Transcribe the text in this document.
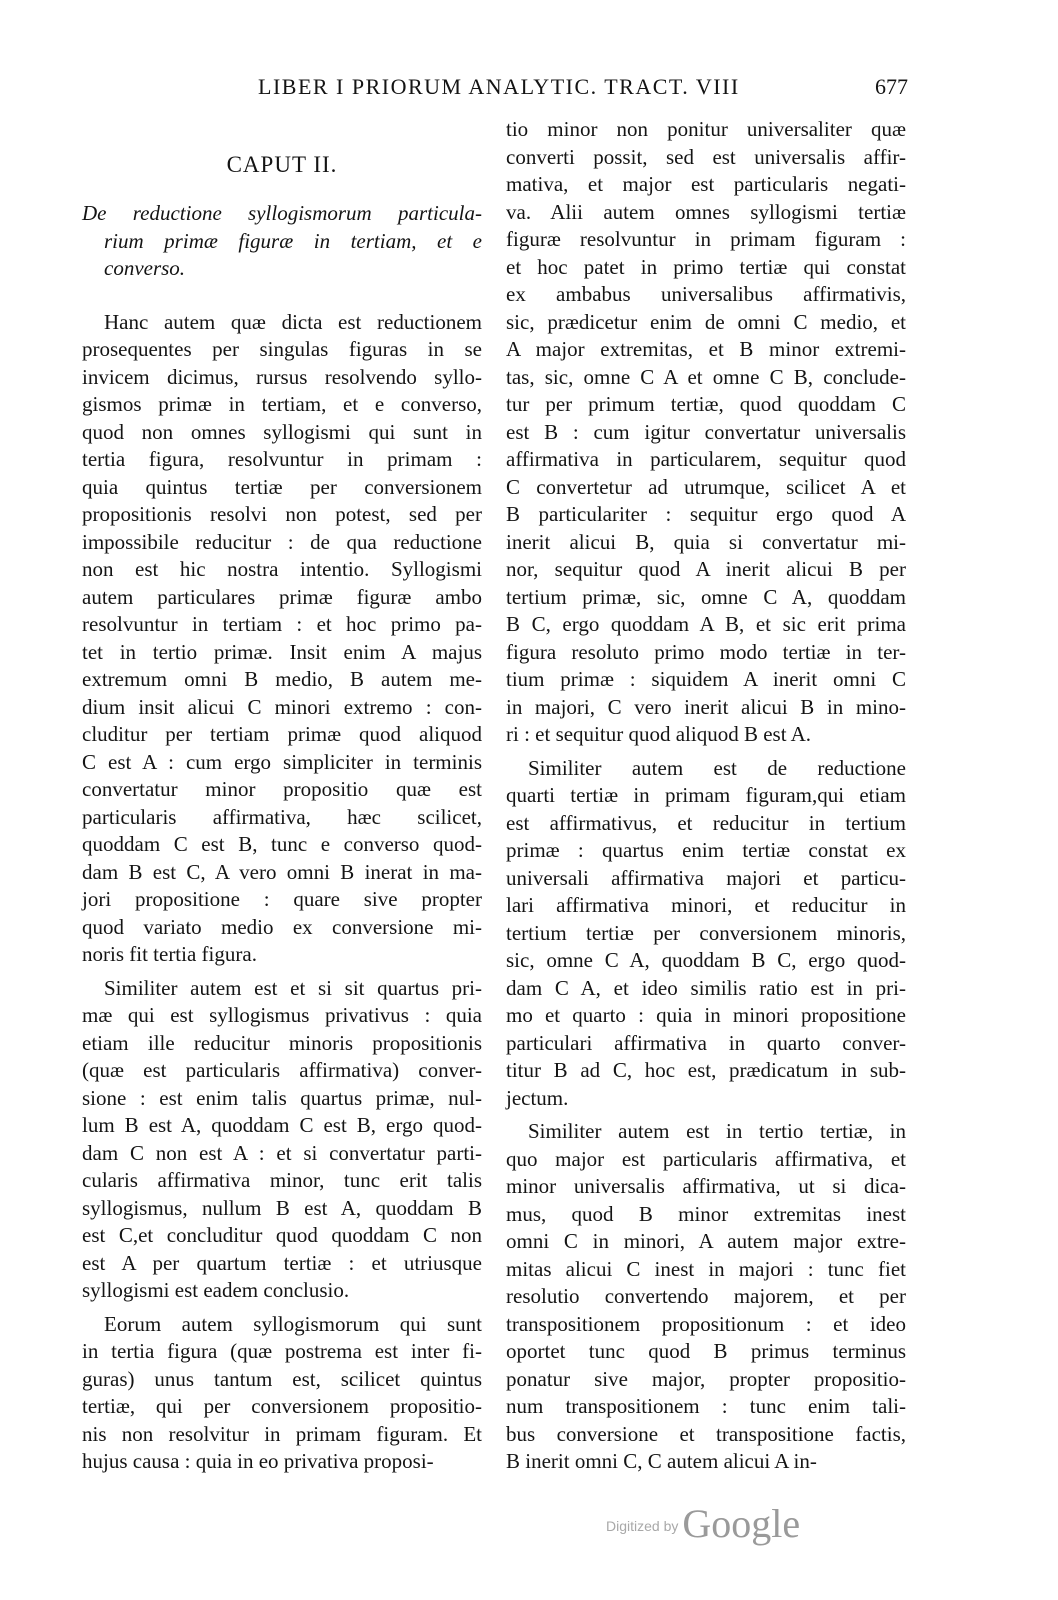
LIBER I PRIORUM ANALYTIC. TRACT. VIII	677
CAPUT II.
De reductione syllogismorum particula-
rium primæ figuræ in tertiam, et e
converso.
Hanc autem quæ dicta est reductionem
prosequentes per singulas figuras in se
invicem dicimus, rursus resolvendo syllo-
gismos primæ in tertiam, et e converso,
quod non omnes syllogismi qui sunt in
tertia figura, resolvuntur in primam :
quia quintus tertiæ per conversionem
propositionis resolvi non potest, sed per
impossibile reducitur : de qua reductione
non est hic nostra intentio. Syllogismi
autem particulares primæ figuræ ambo
resolvuntur in tertiam : et hoc primo pa-
tet in tertio primæ. Insit enim A majus
extremum omni B medio, B autem me-
dium insit alicui C minori extremo : con-
cluditur per tertiam primæ quod aliquod
C est A : cum ergo simpliciter in terminis
convertatur minor propositio quæ est
particularis affirmativa, hæc scilicet,
quoddam C est B, tunc e converso quod-
dam B est C, A vero omni B inerat in ma-
jori propositione : quare sive propter
quod variato medio ex conversione mi-
noris fit tertia figura.
Similiter autem est et si sit quartus pri-
mæ qui est syllogismus privativus : quia
etiam ille reducitur minoris propositionis
(quæ est particularis affirmativa) conver-
sione : est enim talis quartus primæ, nul-
lum B est A, quoddam C est B, ergo quod-
dam C non est A : et si convertatur parti-
cularis affirmativa minor, tunc erit talis
syllogismus, nullum B est A, quoddam B
est C,et concluditur quod quoddam C non
est A per quartum tertiæ : et utriusque
syllogismi est eadem conclusio.
Eorum autem syllogismorum qui sunt
in tertia figura (quæ postrema est inter fi-
guras) unus tantum est, scilicet quintus
tertiæ, qui per conversionem propositio-
nis non resolvitur in primam figuram. Et
hujus causa : quia in eo privativa proposi-
tio minor non ponitur universaliter quæ
converti possit, sed est universalis affir-
mativa, et major est particularis negati-
va. Alii autem omnes syllogismi tertiæ
figuræ resolvuntur in primam figuram :
et hoc patet in primo tertiæ qui constat
ex ambabus universalibus affirmativis,
sic, prædicetur enim de omni C medio, et
A major extremitas, et B minor extremi-
tas, sic, omne C A et omne C B, conclude-
tur per primum tertiæ, quod quoddam C
est B : cum igitur convertatur universalis
affirmativa in particularem, sequitur quod
C convertetur ad utrumque, scilicet A et
B particulariter : sequitur ergo quod A
inerit alicui B, quia si convertatur mi-
nor, sequitur quod A inerit alicui B per
tertium primæ, sic, omne C A, quoddam
B C, ergo quoddam A B, et sic erit prima
figura resoluto primo modo tertiæ in ter-
tium primæ : siquidem A inerit omni C
in majori, C vero inerit alicui B in mino-
ri : et sequitur quod aliquod B est A.
Similiter autem est de reductione
quarti tertiæ in primam figuram,qui etiam
est affirmativus, et reducitur in tertium
primæ : quartus enim tertiæ constat ex
universali affirmativa majori et particu-
lari affirmativa minori, et reducitur in
tertium tertiæ per conversionem minoris,
sic, omne C A, quoddam B C, ergo quod-
dam C A, et ideo similis ratio est in pri-
mo et quarto : quia in minori propositione
particulari affirmativa in quarto conver-
titur B ad C, hoc est, prædicatum in sub-
jectum.
Similiter autem est in tertio tertiæ, in
quo major est particularis affirmativa, et
minor universalis affirmativa, ut si dica-
mus, quod B minor extremitas inest
omni C in minori, A autem major extre-
mitas alicui C inest in majori : tunc fiet
resolutio convertendo majorem, et per
transpositionem propositionum : et ideo
oportet tunc quod B primus terminus
ponatur sive major, propter propositio-
num transpositionem : tunc enim tali-
bus conversione et transpositione factis,
B inerit omni C, C autem alicui A in-
Digitized by Google
